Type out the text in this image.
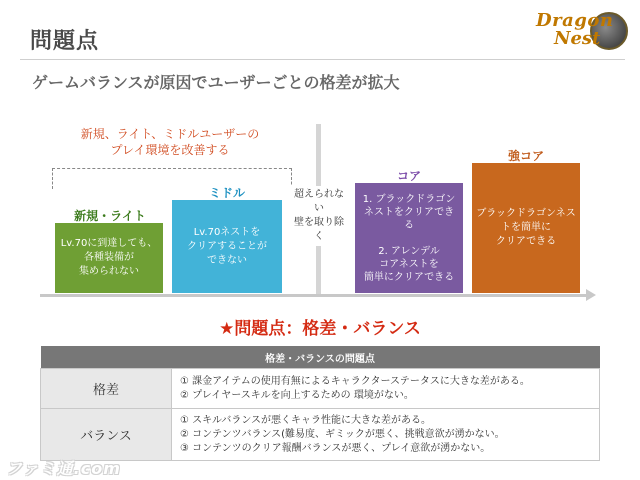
問題点
Dragon
Nest
ゲームバランスが原因でユーザーごとの格差が拡大
新規、ライト、ミドルユーザーの
プレイ環境を改善する
新規・ライト
Lv.70に到達しても、
各種装備が
集められない
ミドル
Lv.70ネストを
クリアすることが
できない
超えられない
壁を取り除く
コア
1. ブラックドラゴン
ネストをクリアできる

2. アレンデル
コアネストを
簡単にクリアできる
強コア
ブラックドラゴンネス
トを簡単に
クリアできる
★問題点：格差・バランス
格差・バランスの問題点	
格差	① 課金アイテムの使用有無によるキャラクターステータスに大きな差がある。
② プレイヤースキルを向上するための 環境がない。

バランス	① スキルバランスが悪くキャラ性能に大きな差がある。
② コンテンツバランス(難易度、ギミックが悪く、挑戦意欲が湧かない。
③ コンテンツのクリア報酬バランスが悪く、プレイ意欲が湧かない。
ファミ通.com
